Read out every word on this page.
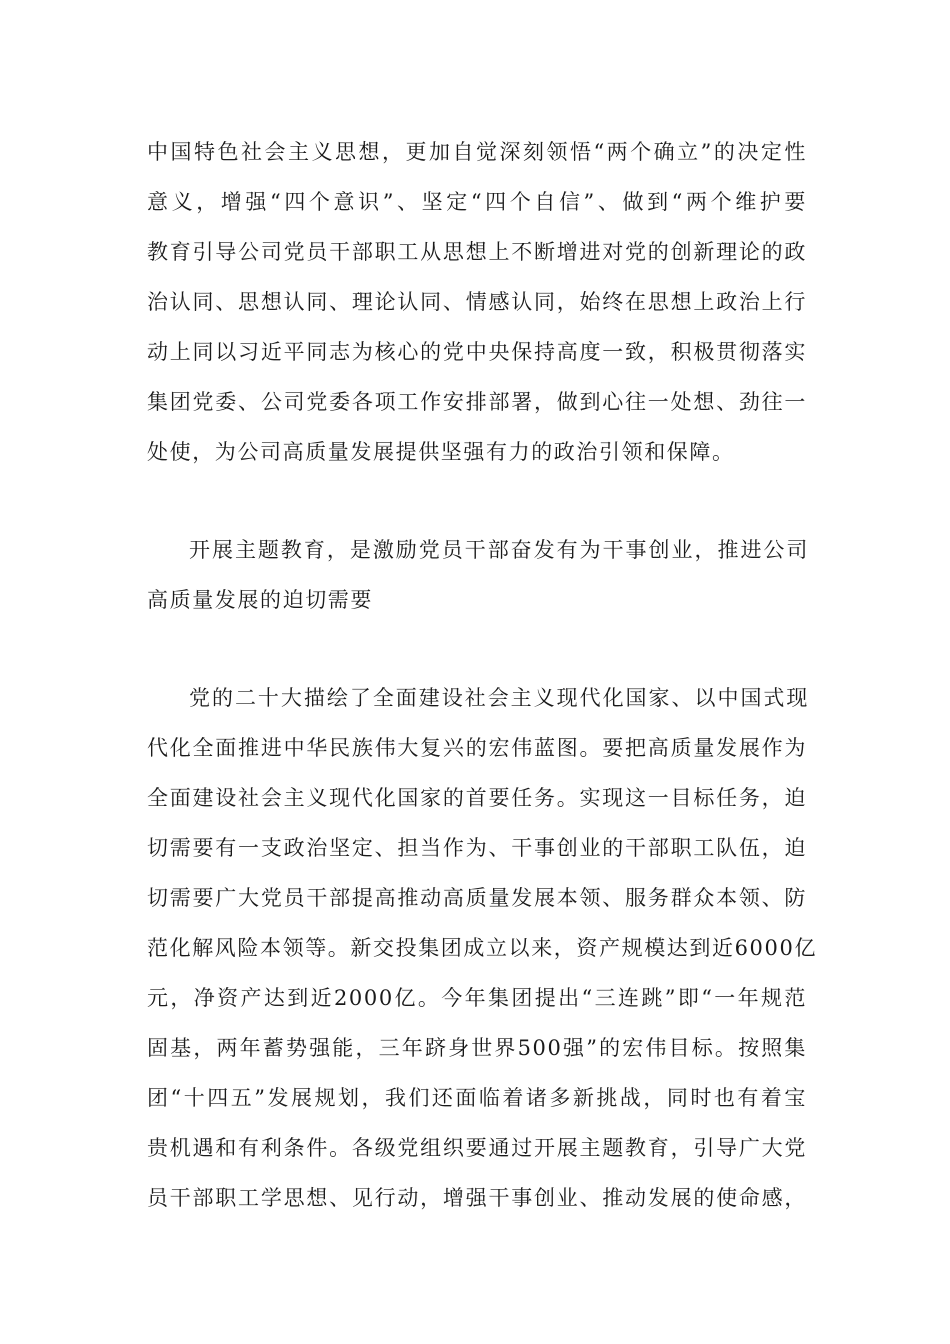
中国特色社会主义思想，更加自觉深刻领悟“两个确立”的决定性
意义，增强“四个意识”、坚定“四个自信”、做到“两个维护要
教育引导公司党员干部职工从思想上不断增进对党的创新理论的政
治认同、思想认同、理论认同、情感认同，始终在思想上政治上行
动上同以习近平同志为核心的党中央保持高度一致，积极贯彻落实
集团党委、公司党委各项工作安排部署，做到心往一处想、劲往一
处使，为公司高质量发展提供坚强有力的政治引领和保障。
开展主题教育，是激励党员干部奋发有为干事创业，推进公司
高质量发展的迫切需要
党的二十大描绘了全面建设社会主义现代化国家、以中国式现
代化全面推进中华民族伟大复兴的宏伟蓝图。要把高质量发展作为
全面建设社会主义现代化国家的首要任务。实现这一目标任务，迫
切需要有一支政治坚定、担当作为、干事创业的干部职工队伍，迫
切需要广大党员干部提高推动高质量发展本领、服务群众本领、防
范化解风险本领等。新交投集团成立以来，资产规模达到近6000亿
元，净资产达到近2000亿。今年集团提出“三连跳”即“一年规范
固基，两年蓄势强能，三年跻身世界500强”的宏伟目标。按照集
团“十四五”发展规划，我们还面临着诸多新挑战，同时也有着宝
贵机遇和有利条件。各级党组织要通过开展主题教育，引导广大党
员干部职工学思想、见行动，增强干事创业、推动发展的使命感，
